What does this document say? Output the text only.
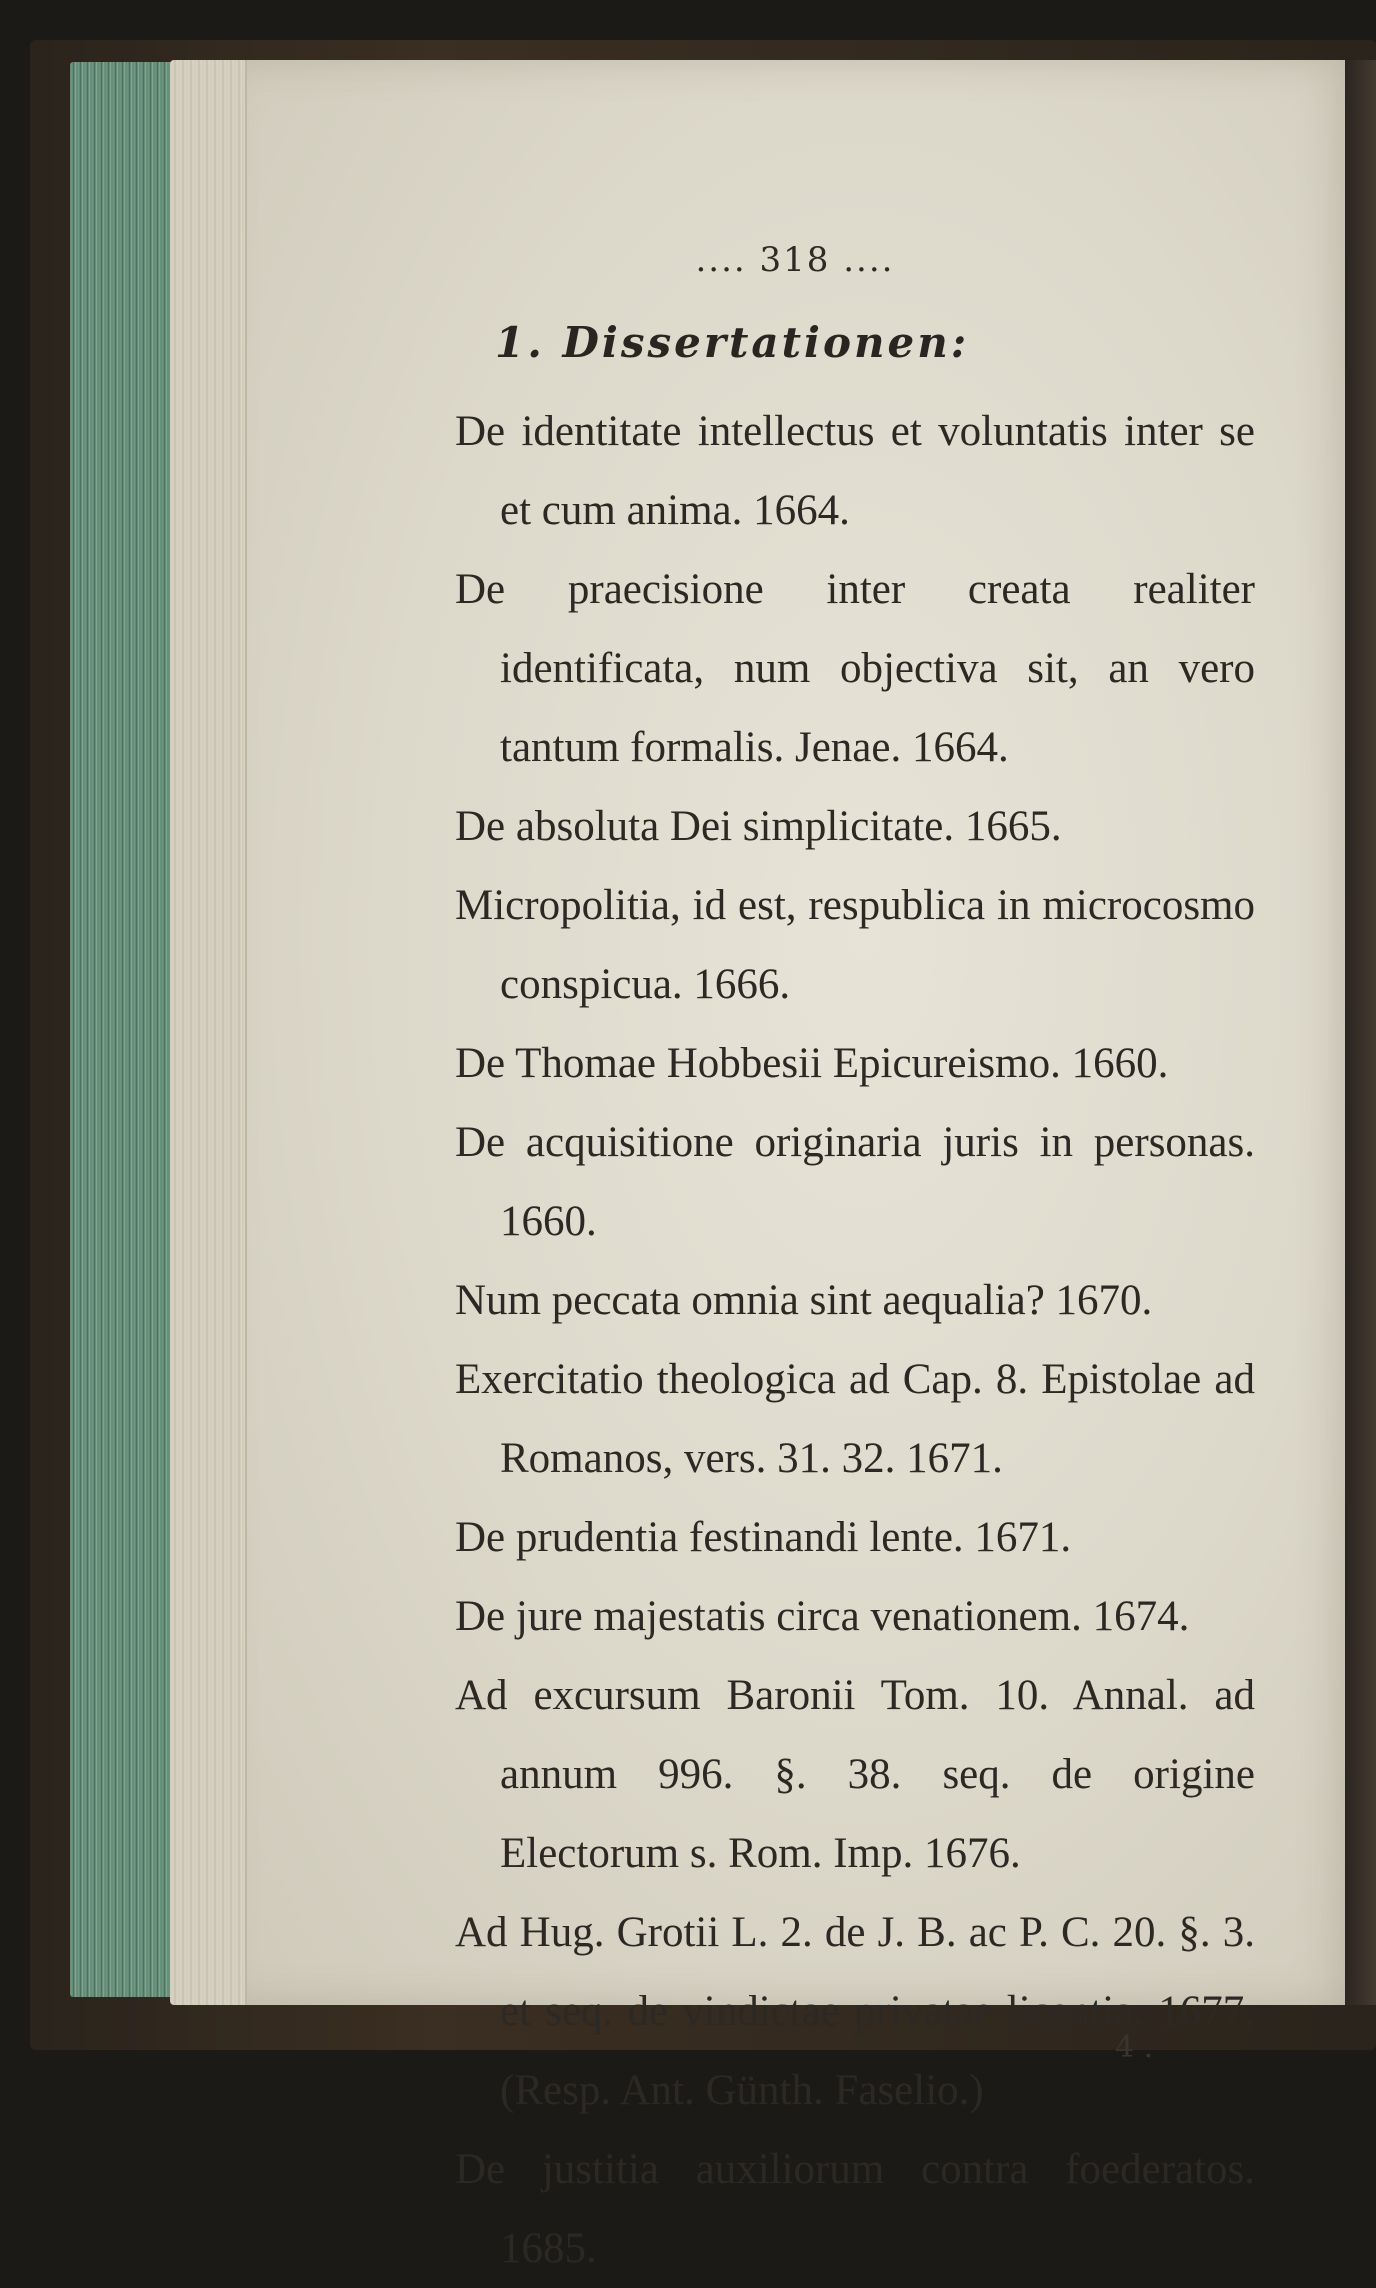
.... 318 ....
1. Dissertationen:
De identitate intellectus et voluntatis inter se et cum anima. 1664.
De praecisione inter creata realiter identificata, num objectiva sit, an vero tantum formalis. Jenae. 1664.
De absoluta Dei simplicitate. 1665.
Micropolitia, id est, respublica in microcosmo conspicua. 1666.
De Thomae Hobbesii Epicureismo. 1660.
De acquisitione originaria juris in personas. 1660.
Num peccata omnia sint aequalia? 1670.
Exercitatio theologica ad Cap. 8. Epistolae ad Romanos, vers. 31. 32. 1671.
De prudentia festinandi lente. 1671.
De jure majestatis circa venationem. 1674.
Ad excursum Baronii Tom. 10. Annal. ad annum 996. §. 38. seq. de origine Electorum s. Rom. Imp. 1676.
Ad Hug. Grotii L. 2. de J. B. ac P. C. 20. §. 3. et seq. de vindictae privatae licentia. 1677. (Resp. Ant. Günth. Faselio.)
De justitia auxiliorum contra foederatos. 1685.
4 .
